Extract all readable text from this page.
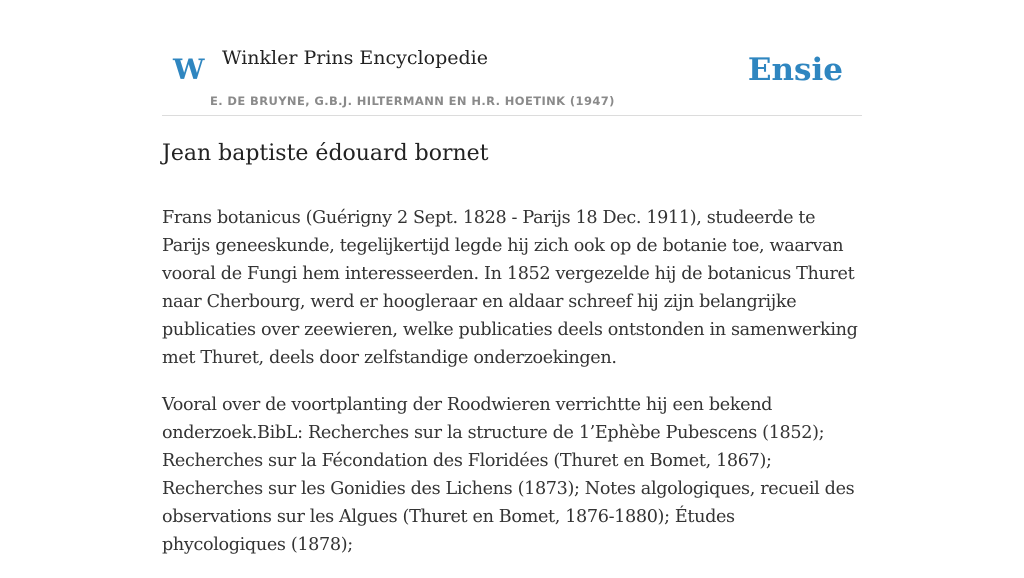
W Winkler Prins Encyclopedie
E. DE BRUYNE, G.B.J. HILTERMANN EN H.R. HOETINK (1947)
Ensie
Jean baptiste édouard bornet

Frans botanicus (Guérigny 2 Sept. 1828 - Parijs 18 Dec. 1911), studeerde te Parijs geneeskunde, tegelijkertijd legde hij zich ook op de botanie toe, waarvan vooral de Fungi hem interesseerden. In 1852 vergezelde hij de botanicus Thuret naar Cherbourg, werd er hoogleraar en aldaar schreef hij zijn belangrijke publicaties over zeewieren, welke publicaties deels ontstonden in samenwerking met Thuret, deels door zelfstandige onderzoekingen.

Vooral over de voortplanting der Roodwieren verrichtte hij een bekend onderzoek.BibL: Recherches sur la structure de 1’Ephèbe Pubescens (1852); Recherches sur la Fécondation des Floridées (Thuret en Bomet, 1867); Recherches sur les Gonidies des Lichens (1873); Notes algologiques, recueil des observations sur les Algues (Thuret en Bomet, 1876-1880); Études phycologiques (1878);
